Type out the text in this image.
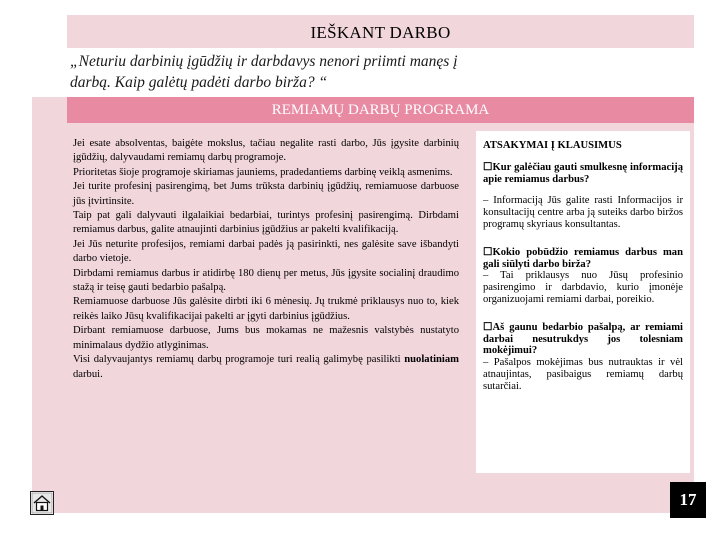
IEŠKANT DARBO
„Neturiu darbinių įgūdžių ir darbdavys nenori priimti manęs į darbą. Kaip galėtų padėti darbo birža? “
REMIAMŲ DARBŲ PROGRAMA

Jei esate absolventas, baigėte mokslus, tačiau negalite rasti darbo, Jūs įgysite darbinių įgūdžių, dalyvaudami remiamų darbų programoje.

Prioritetas šioje programoje skiriamas jauniems, pradedantiems darbinę veiklą asmenims.

Jei turite profesinį pasirengimą, bet Jums trūksta darbinių įgūdžių, remiamuose darbuose jūs įtvirtinsite.

Taip pat gali dalyvauti ilgalaikiai bedarbiai, turintys profesinį pasirengimą. Dirbdami remiamus darbus, galite atnaujinti darbinius įgūdžius ar pakelti kvalifikaciją.

Jei Jūs neturite profesijos, remiami darbai padės ją pasirinkti, nes galėsite save išbandyti darbo vietoje.

Dirbdami remiamus darbus ir atidirbę 180 dienų per metus, Jūs įgysite socialinį draudimo stažą ir teisę gauti bedarbio pašalpą.

Remiamuose darbuose Jūs galėsite dirbti iki 6 mėnesių. Jų trukmė priklausys nuo to, kiek reikės laiko Jūsų kvalifikacijai pakelti ar įgyti darbinius įgūdžius.

Dirbant remiamuose darbuose, Jums bus mokamas ne mažesnis valstybės nustatyto minimalaus dydžio atlyginimas.

Visi dalyvaujantys remiamų darbų programoje turi realią galimybę pasilikti nuolatiniam darbui.

ATSAKYMAI Į KLAUSIMUS

☐Kur galėčiau gauti smulkesnę informaciją apie remiamus darbus?

– Informaciją Jūs galite rasti Informacijos ir konsultacijų centre arba ją suteiks darbo biržos programų skyriaus konsultantas.

☐Kokio pobūdžio remiamus darbus man gali siūlyti darbo birža?

– Tai priklausys nuo Jūsų profesinio pasirengimo ir darbdavio, kurio įmonėje organizuojami remiami darbai, poreikio.

☐Aš gaunu bedarbio pašalpą, ar remiami darbai nesutrukdys jos tolesniam mokėjimui?

– Pašalpos mokėjimas bus nutrauktas ir vėl atnaujintas, pasibaigus remiamų darbų sutarčiai.

17
